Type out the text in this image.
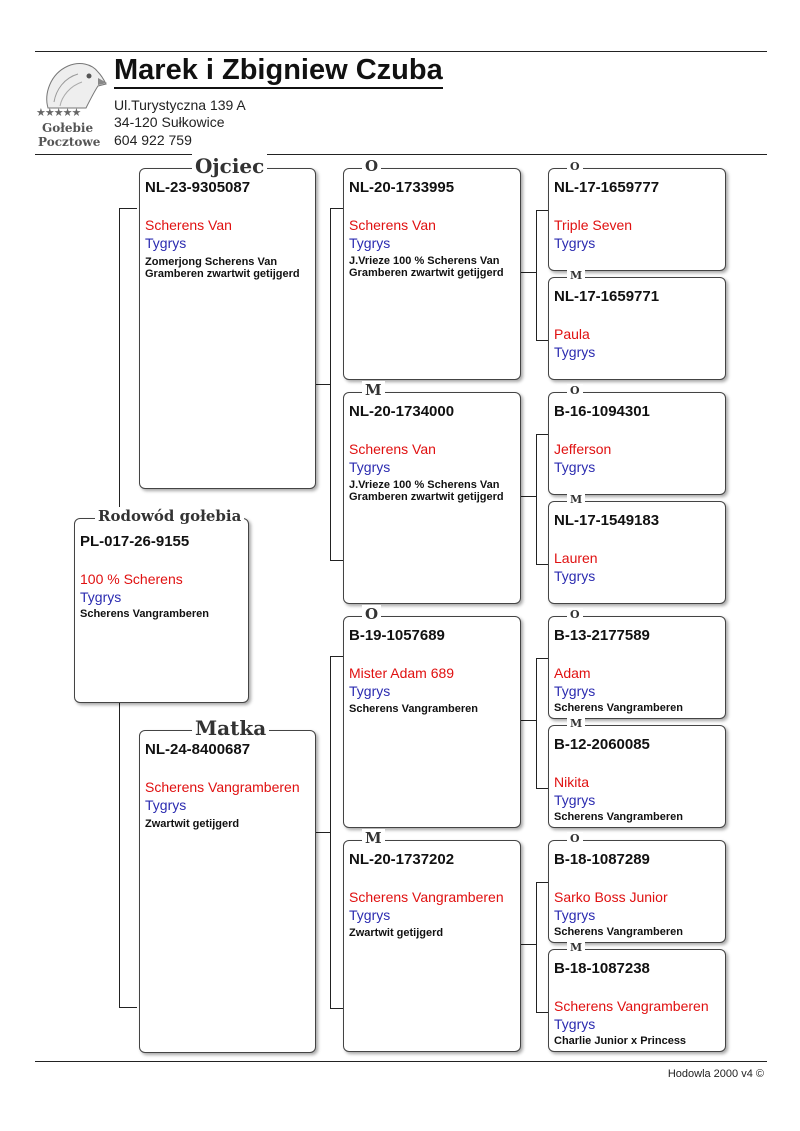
★★★★★
Gołebie
Pocztowe
Marek i Zbigniew Czuba
Ul.Turystyczna 139 A
34-120 Sułkowice
604 922 759
Rodowód gołebia
PL-017-26-9155
100 % Scherens
Tygrys
Scherens Vangramberen
Ojciec
NL-23-9305087
Scherens Van
Tygrys
Zomerjong Scherens Van Gramberen zwartwit getijgerd
Matka
NL-24-8400687
Scherens Vangramberen
Tygrys
Zwartwit getijgerd
O
NL-20-1733995
Scherens Van
Tygrys
J.Vrieze 100 % Scherens Van Gramberen zwartwit getijgerd
M
NL-20-1734000
Scherens Van
Tygrys
J.Vrieze 100 % Scherens Van Gramberen zwartwit getijgerd
O
B-19-1057689
Mister Adam 689
Tygrys
Scherens Vangramberen
M
NL-20-1737202
Scherens Vangramberen
Tygrys
Zwartwit getijgerd
O
NL-17-1659777
Triple Seven
Tygrys
M
NL-17-1659771
Paula
Tygrys
O
B-16-1094301
Jefferson
Tygrys
M
NL-17-1549183
Lauren
Tygrys
O
B-13-2177589
Adam
Tygrys
Scherens Vangramberen
M
B-12-2060085
Nikita
Tygrys
Scherens Vangramberen
O
B-18-1087289
Sarko Boss Junior
Tygrys
Scherens Vangramberen
M
B-18-1087238
Scherens Vangramberen
Tygrys
Charlie Junior x Princess
Hodowla 2000 v4 ©
